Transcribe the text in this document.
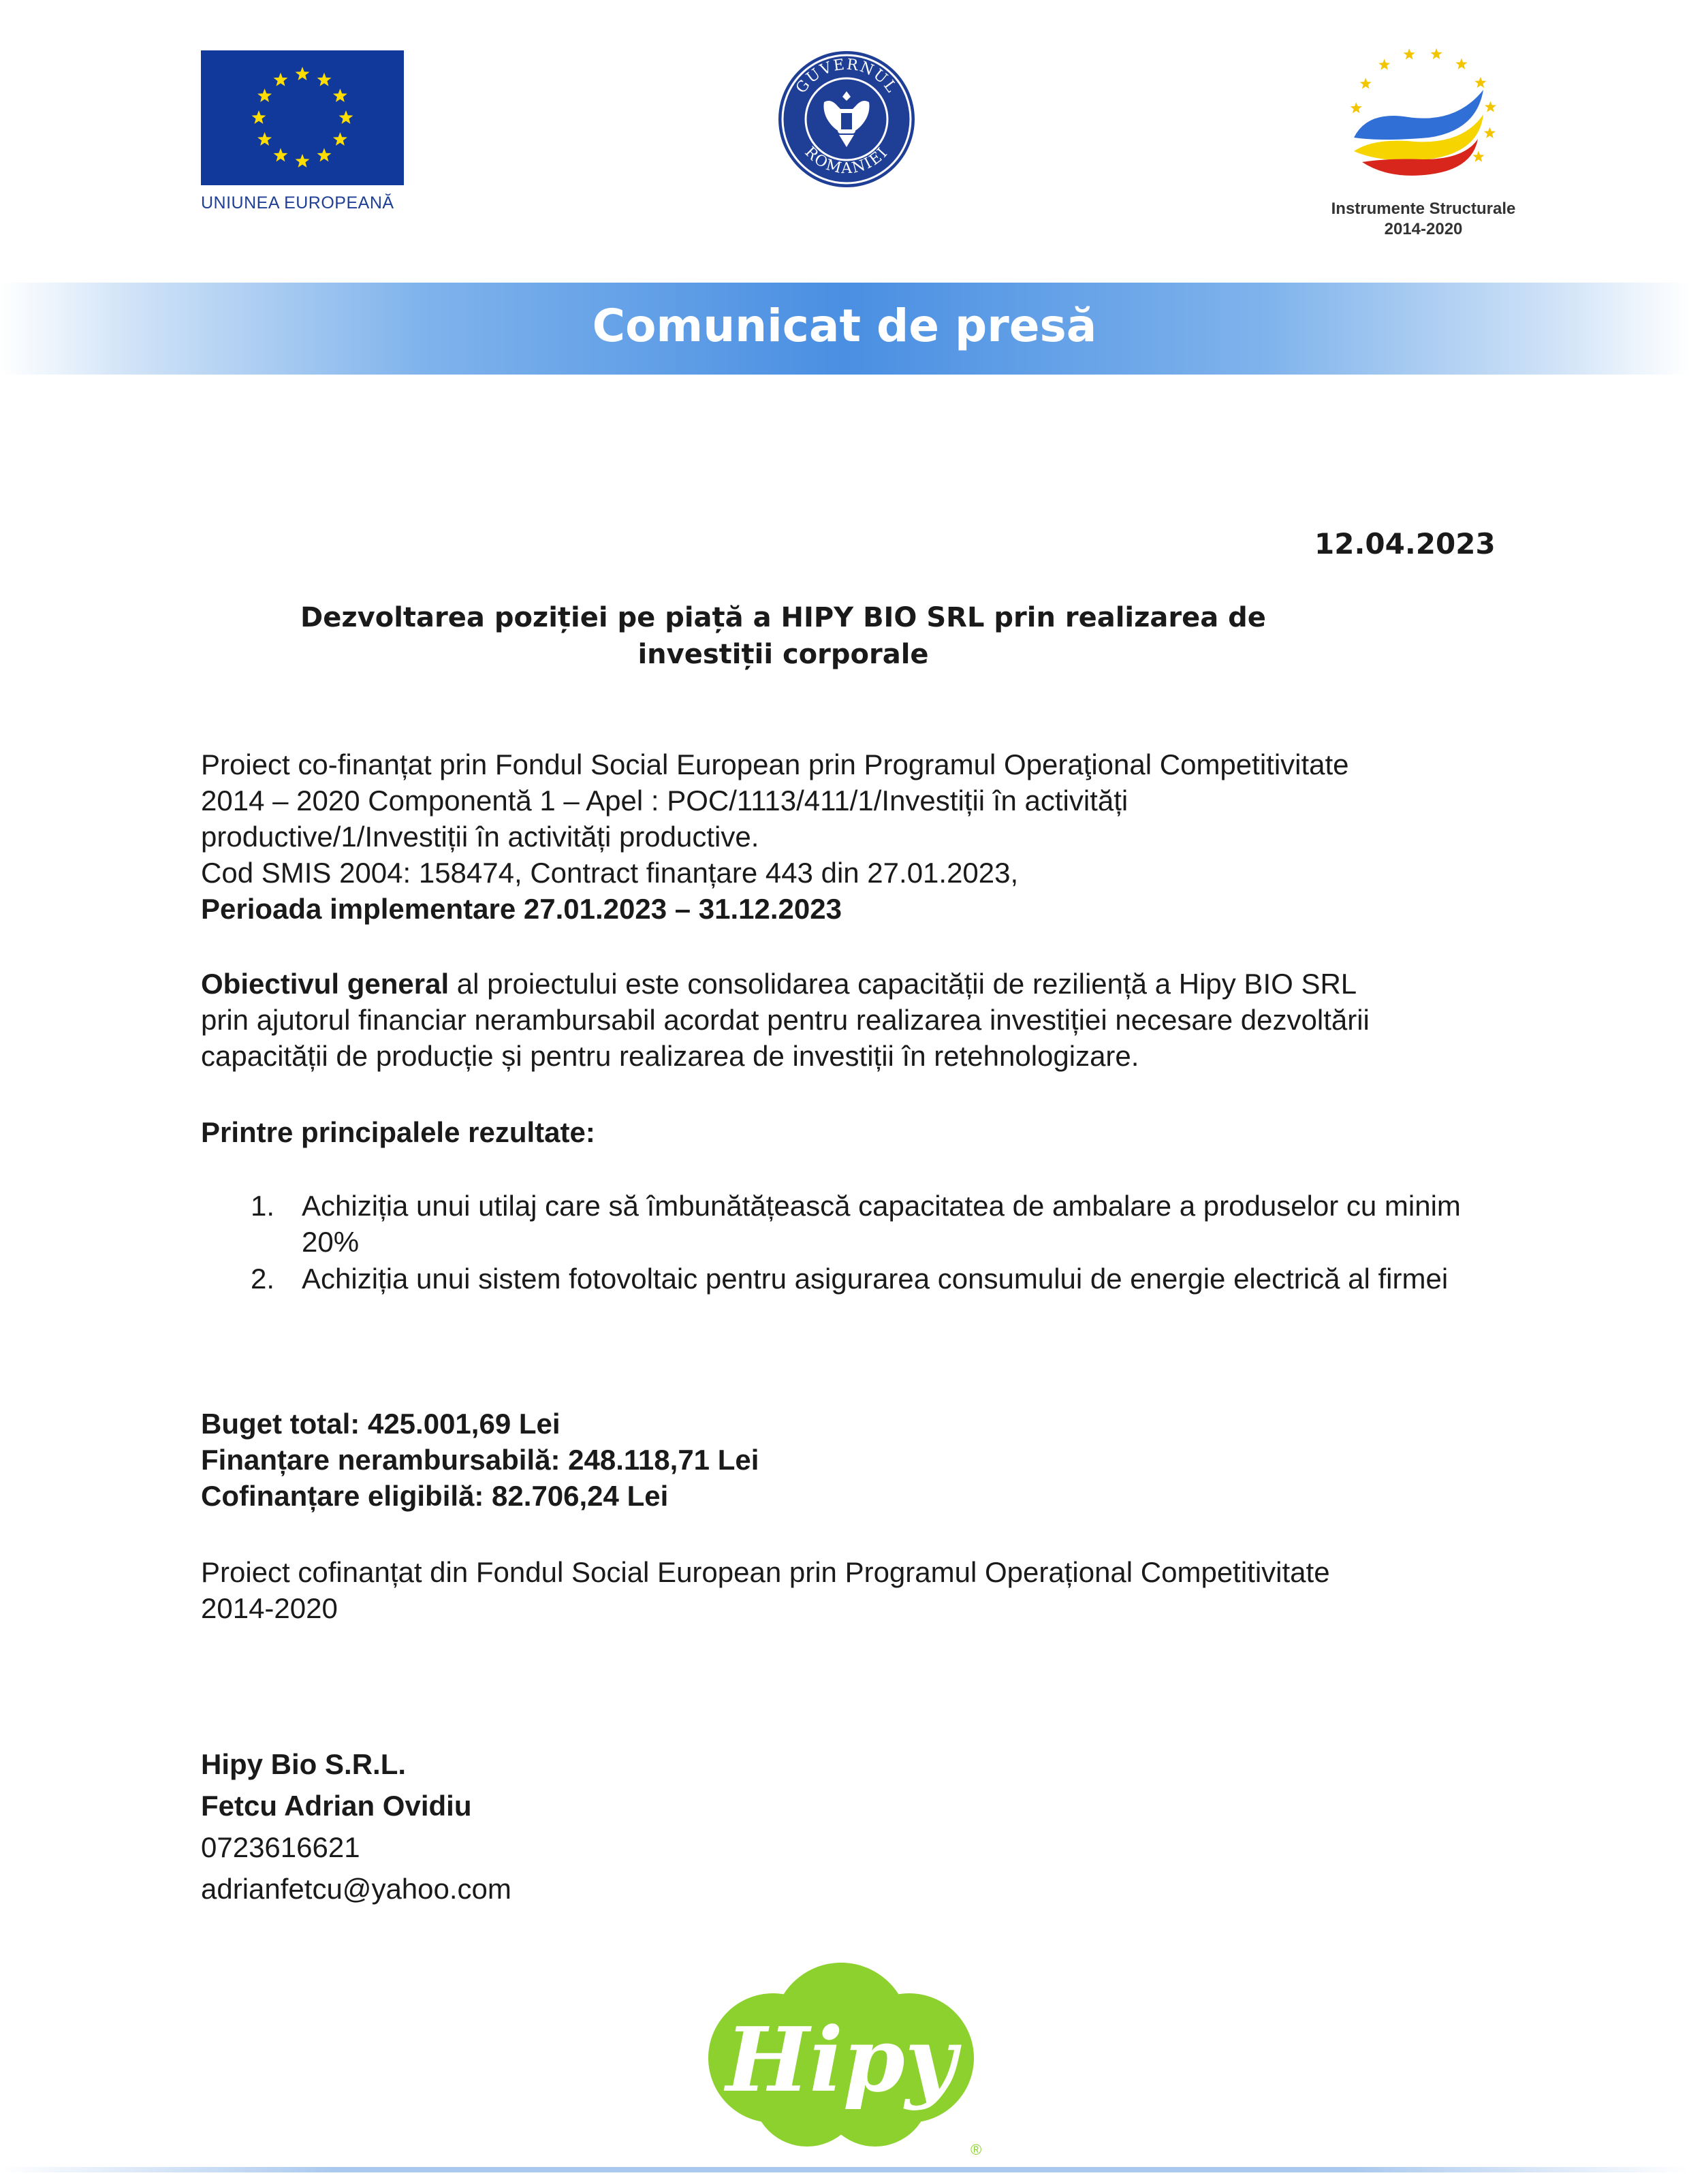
UNIUNEA EUROPEANĂ
GUVERNUL
ROMÂNIEI
Instrumente Structurale
2014-2020
Comunicat de presă
12.04.2023
Dezvoltarea poziției pe piață a HIPY BIO SRL prin realizarea de investiții corporale
Proiect co-finanțat prin Fondul Social European prin Programul Operaţional Competitivitate
2014 – 2020 Componentă 1 – Apel : POC/1113/411/1/Investiții în activități
productive/1/Investiții în activități productive.
Cod SMIS 2004: 158474, Contract finanțare 443 din 27.01.2023,
Perioada implementare 27.01.2023 – 31.12.2023
Obiectivul general al proiectului este consolidarea capacității de reziliență a Hipy BIO SRL
prin ajutorul financiar nerambursabil acordat pentru realizarea investiției necesare dezvoltării
capacității de producție și pentru realizarea de investiții în retehnologizare.
Printre principalele rezultate:
1. Achiziția unui utilaj care să îmbunătățească capacitatea de ambalare a produselor cu minim 20%
2. Achiziția unui sistem fotovoltaic pentru asigurarea consumului de energie electrică al firmei
Buget total: 425.001,69 Lei
Finanțare nerambursabilă: 248.118,71 Lei
Cofinanțare eligibilă: 82.706,24 Lei
Proiect cofinanțat din Fondul Social European prin Programul Operațional Competitivitate
2014-2020
Hipy Bio S.R.L.
Fetcu Adrian Ovidiu
0723616621
adrianfetcu@yahoo.com
Hipy
®
